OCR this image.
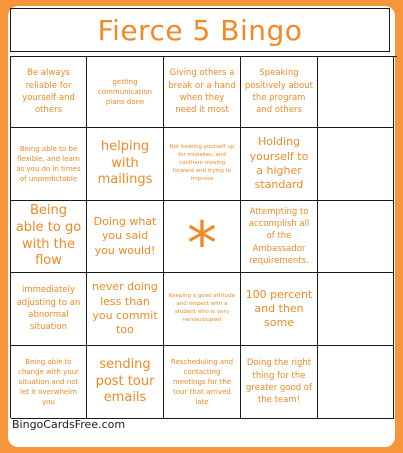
Fierce 5 Bingo
Be always reliable for yourself and others
getting communication plans done
Giving others a break or a hand when they need it most
Speaking positively about the program and others
Being able to be flexible, and learn as you do in times of unpredictable
helping with mailings
Not beating yourself up for mistakes, and continue moving forward and trying to improve
Holding yourself to a higher standard
Being able to go with the flow
Doing what you said you would! *	Attempting to accomplish all of the Ambassador requirements.
immediately adjusting to an abnormal situation
never doing less than you commit too
Keeping a good attitude and respect with a student who is very nervous/upset
100 percent and then some
Being able to change with your situation and not let it overwhelm you
sending post tour emails
Rescheduling and contacting meetings for the tour that arrived late
Doing the right thing for the greater good of the team!
BingoCardsFree.com
